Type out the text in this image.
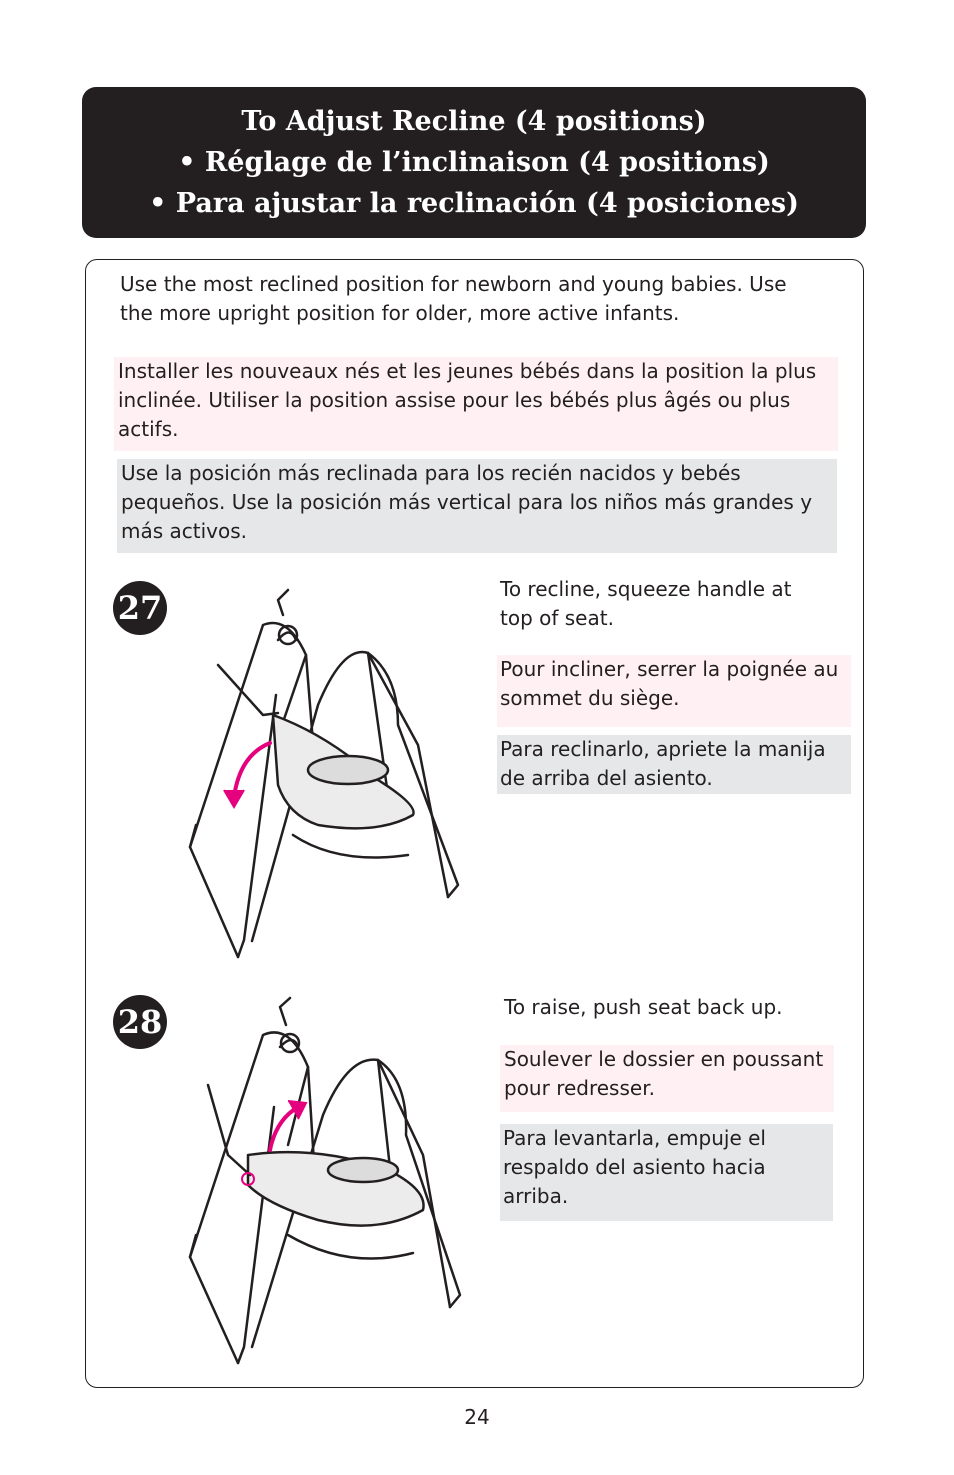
To Adjust Recline (4 positions)
• Réglage de l’inclinaison (4 positions)
• Para ajustar la reclinación (4 posiciones)
Use the most reclined position for newborn and young babies. Use the more upright position for older, more active infants.
Installer les nouveaux nés et les jeunes bébés dans la position la plus inclinée. Utiliser la position assise pour les bébés plus âgés ou plus actifs.
Use la posición más reclinada para los recién nacidos y bebés pequeños. Use la posición más vertical para los niños más grandes y más activos.
27	To recline, squeeze handle at top of seat.
Pour incliner, serrer la poignée au sommet du siège.
Para reclinarlo, apriete la manija de arriba del asiento.
28	To raise, push seat back up.
Soulever le dossier en poussant pour redresser.
Para levantarla, empuje el respaldo del asiento hacia arriba.
24
